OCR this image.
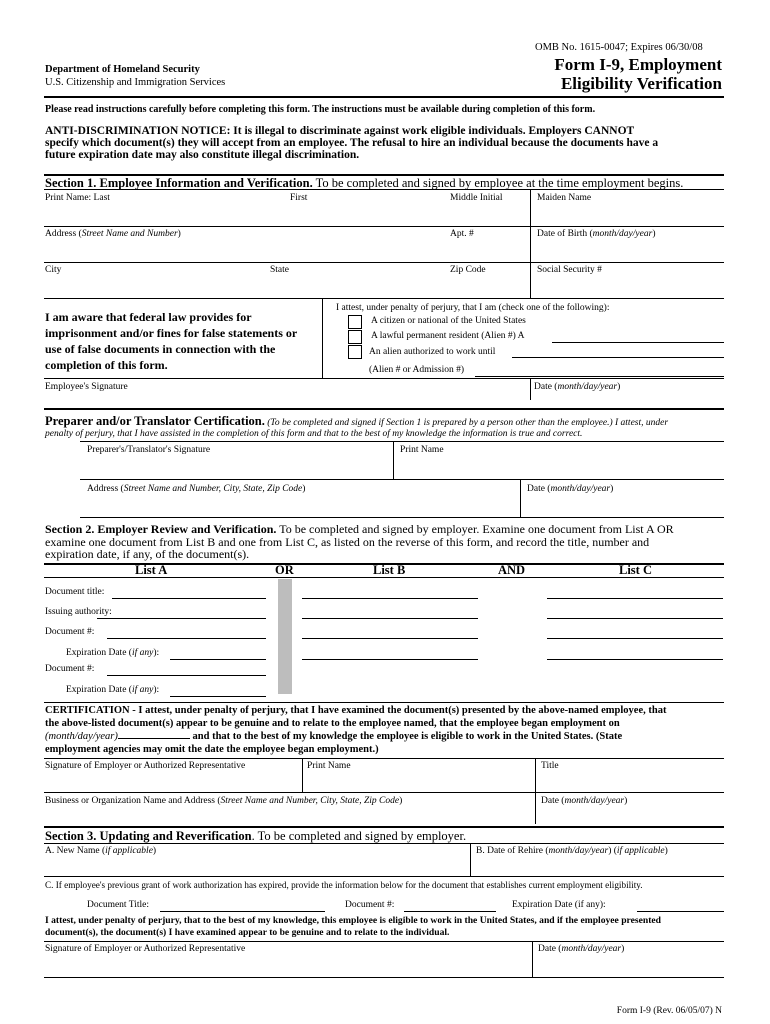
OMB No. 1615-0047; Expires 06/30/08
Form I-9, Employment
Eligibility Verification
Department of Homeland Security
U.S. Citizenship and Immigration Services
Please read instructions carefully before completing this form. The instructions must be available during completion of this form.
ANTI-DISCRIMINATION NOTICE: It is illegal to discriminate against work eligible individuals. Employers CANNOT
specify which document(s) they will accept from an employee. The refusal to hire an individual because the documents have a
future expiration date may also constitute illegal discrimination.
Section 1. Employee Information and Verification. To be completed and signed by employee at the time employment begins.
Print Name: Last	First	Middle Initial	Maiden Name
Address (Street Name and Number)	Apt. #	Date of Birth (month/day/year)
City	State	Zip Code	Social Security #
I am aware that federal law provides for
imprisonment and/or fines for false statements or
use of false documents in connection with the
completion of this form.
I attest, under penalty of perjury, that I am (check one of the following):
A citizen or national of the United States
A lawful permanent resident (Alien #) A
An alien authorized to work until
(Alien # or Admission #)
Employee's Signature	Date (month/day/year)
Preparer and/or Translator Certification. (To be completed and signed if Section 1 is prepared by a person other than the employee.) I attest, under
penalty of perjury, that I have assisted in the completion of this form and that to the best of my knowledge the information is true and correct.
Preparer's/Translator's Signature	Print Name
Address (Street Name and Number, City, State, Zip Code)	Date (month/day/year)
Section 2. Employer Review and Verification. To be completed and signed by employer. Examine one document from List A OR
examine one document from List B and one from List C, as listed on the reverse of this form, and record the title, number and
expiration date, if any, of the document(s).
List A	OR	List B	AND	List C
Document title:
Issuing authority:
Document #:
Expiration Date (if any):
Document #:
Expiration Date (if any):
CERTIFICATION - I attest, under penalty of perjury, that I have examined the document(s) presented by the above-named employee, that
the above-listed document(s) appear to be genuine and to relate to the employee named, that the employee began employment on
(month/day/year)	and that to the best of my knowledge the employee is eligible to work in the United States. (State
employment agencies may omit the date the employee began employment.)
Signature of Employer or Authorized Representative	Print Name	Title
Business or Organization Name and Address (Street Name and Number, City, State, Zip Code)	Date (month/day/year)
Section 3. Updating and Reverification. To be completed and signed by employer.
A. New Name (if applicable)	B. Date of Rehire (month/day/year) (if applicable)
C. If employee's previous grant of work authorization has expired, provide the information below for the document that establishes current employment eligibility.
Document Title:	Document #:	Expiration Date (if any):
I attest, under penalty of perjury, that to the best of my knowledge, this employee is eligible to work in the United States, and if the employee presented
document(s), the document(s) I have examined appear to be genuine and to relate to the individual.
Signature of Employer or Authorized Representative	Date (month/day/year)
Form I-9 (Rev. 06/05/07) N
